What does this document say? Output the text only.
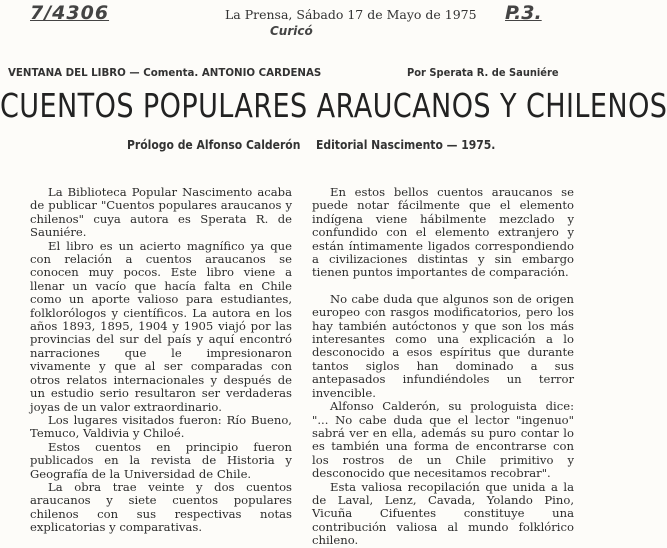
7/4306	La Prensa, Sábado 17 de Mayo de 1975 P.3.
Curicó
VENTANA DEL LIBRO — Comenta. ANTONIO CARDENAS	Por Sperata R. de Sauniére
CUENTOS POPULARES ARAUCANOS Y CHILENOS
Prólogo de Alfonso Calderón Editorial Nascimento — 1975.

La Biblioteca Popular Nascimento acaba de publicar "Cuentos populares araucanos y chilenos" cuya autora es Sperata R. de Sauniére.

El libro es un acierto magnífico ya que con relación a cuentos araucanos se conocen muy pocos. Este libro viene a llenar un vacío que hacía falta en Chile como un aporte valioso para estudiantes, folklorólogos y científicos. La autora en los años 1893, 1895, 1904 y 1905 viajó por las provincias del sur del país y aquí encontró narraciones que le impresionaron vivamente y que al ser comparadas con otros relatos internacionales y después de un estudio serio resultaron ser verdaderas joyas de un valor extraordinario.

Los lugares visitados fueron: Río Bueno, Temuco, Valdivia y Chiloé.

Estos cuentos en principio fueron publicados en la revista de Historia y Geografía de la Universidad de Chile.

La obra trae veinte y dos cuentos araucanos y siete cuentos populares chilenos con sus respectivas notas explicatorias y comparativas.

En estos bellos cuentos araucanos se puede notar fácilmente que el elemento indígena viene hábilmente mezclado y confundido con el elemento extranjero y están íntimamente ligados correspondiendo a civilizaciones distintas y sin embargo tienen puntos importantes de comparación.

No cabe duda que algunos son de origen europeo con rasgos modificatorios, pero los hay también autóctonos y que son los más interesantes como una explicación a lo desconocido a esos espíritus que durante tantos siglos han dominado a sus antepasados infundiéndoles un terror invencible.

Alfonso Calderón, su prologuista dice: "... No cabe duda que el lector "ingenuo" sabrá ver en ella, además su puro contar lo es también una forma de encontrarse con los rostros de un Chile primitivo y desconocido que necesitamos recobrar".

Esta valiosa recopilación que unida a la de Laval, Lenz, Cavada, Yolando Pino, Vicuña Cifuentes constituye una contribución valiosa al mundo folklórico chileno.
